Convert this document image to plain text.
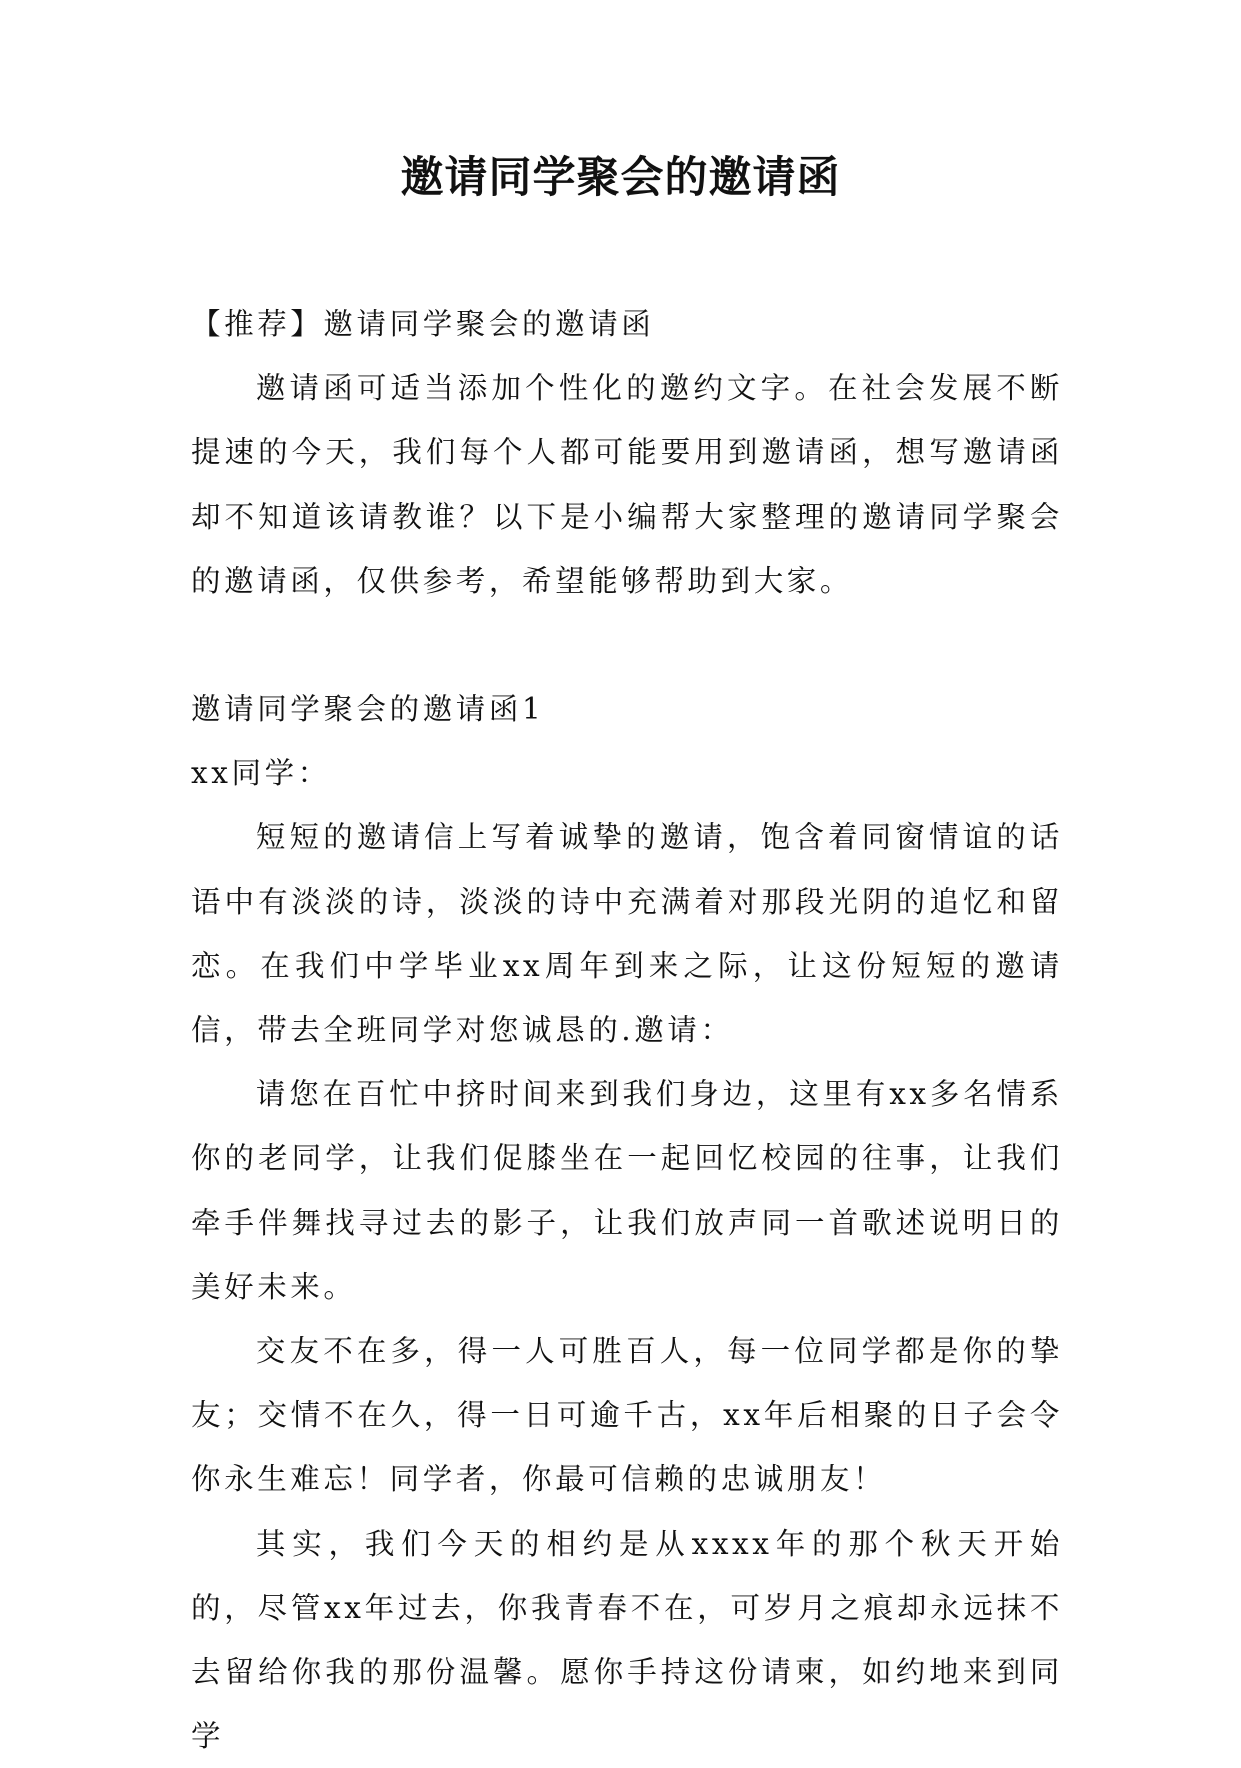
邀请同学聚会的邀请函

【推荐】邀请同学聚会的邀请函

邀请函可适当添加个性化的邀约文字。在社会发展不断提速的今天，我们每个人都可能要用到邀请函，想写邀请函却不知道该请教谁？以下是小编帮大家整理的邀请同学聚会的邀请函，仅供参考，希望能够帮助到大家。

邀请同学聚会的邀请函1

xx同学：

短短的邀请信上写着诚挚的邀请，饱含着同窗情谊的话语中有淡淡的诗，淡淡的诗中充满着对那段光阴的追忆和留恋。在我们中学毕业xx周年到来之际，让这份短短的邀请信，带去全班同学对您诚恳的.邀请：

请您在百忙中挤时间来到我们身边，这里有xx多名情系你的老同学，让我们促膝坐在一起回忆校园的往事，让我们牵手伴舞找寻过去的影子，让我们放声同一首歌述说明日的美好未来。

交友不在多，得一人可胜百人，每一位同学都是你的挚友；交情不在久，得一日可逾千古，xx年后相聚的日子会令你永生难忘！同学者，你最可信赖的忠诚朋友！

其实，我们今天的相约是从xxxx年的那个秋天开始的，尽管xx年过去，你我青春不在，可岁月之痕却永远抹不去留给你我的那份温馨。愿你手持这份请柬，如约地来到同学
